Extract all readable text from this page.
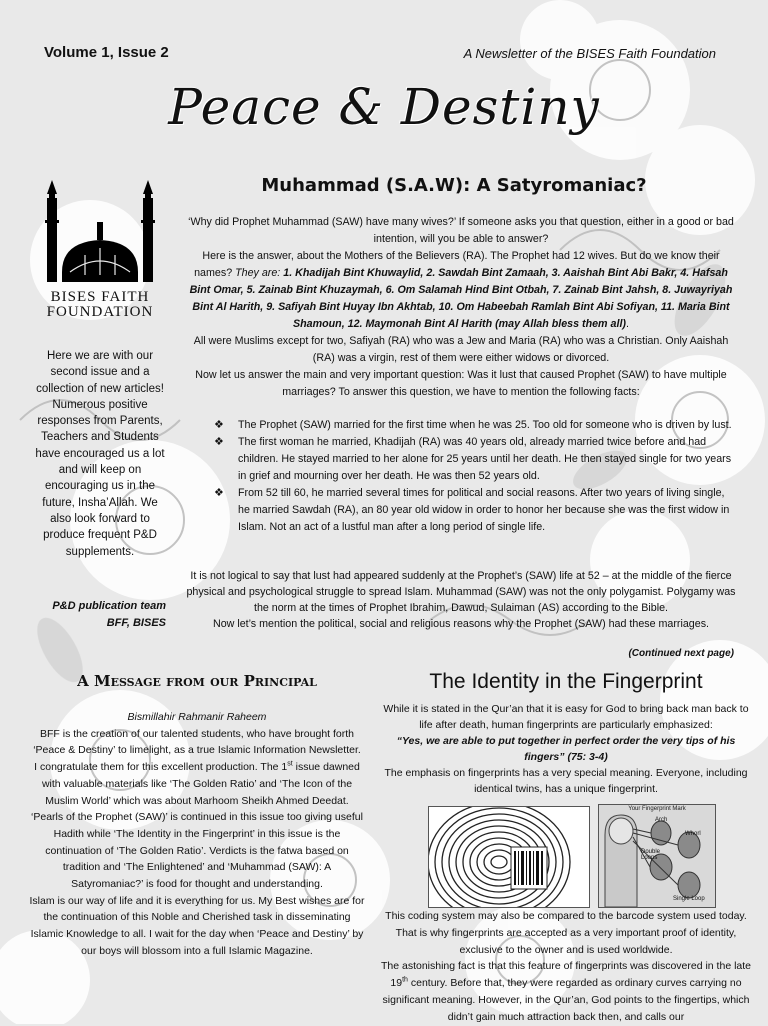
Volume 1, Issue 2	A Newsletter of the BISES Faith Foundation
Peace & Destiny
BISES FAITH
FOUNDATION
Here we are with our second issue and a collection of new articles! Numerous positive responses from Parents, Teachers and Students have encouraged us a lot and will keep on encouraging us in the future, Insha’Allah. We also look forward to produce frequent P&D supplements.
P&D publication team
BFF, BISES
Muhammad (S.A.W): A Satyromaniac?

‘Why did Prophet Muhammad (SAW) have many wives?’ If someone asks you that question, either in a good or bad intention, will you be able to answer?

Here is the answer, about the Mothers of the Believers (RA). The Prophet had 12 wives. But do we know their names? They are: 1. Khadijah Bint Khuwaylid, 2. Sawdah Bint Zamaah, 3. Aaishah Bint Abi Bakr, 4. Hafsah Bint Omar, 5. Zainab Bint Khuzaymah, 6. Om Salamah Hind Bint Otbah, 7. Zainab Bint Jahsh, 8. Juwayriyah Bint Al Harith, 9. Safiyah Bint Huyay Ibn Akhtab, 10. Om Habeebah Ramlah Bint Abi Sofiyan, 11. Maria Bint Shamoun, 12. Maymonah Bint Al Harith (may Allah bless them all).

All were Muslims except for two, Safiyah (RA) who was a Jew and Maria (RA) who was a Christian. Only Aaishah (RA) was a virgin, rest of them were either widows or divorced.

Now let us answer the main and very important question: Was it lust that caused Prophet (SAW) to have multiple marriages? To answer this question, we have to mention the following facts:

❖ The Prophet (SAW) married for the first time when he was 25. Too old for someone who is driven by lust.

❖ The first woman he married, Khadijah (RA) was 40 years old, already married twice before and had children. He stayed married to her alone for 25 years until her death. He then stayed single for two years in grief and mourning over her death. He was then 52 years old.

❖ From 52 till 60, he married several times for political and social reasons. After two years of living single, he married Sawdah (RA), an 80 year old widow in order to honor her because she was the first widow in Islam. Not an act of a lustful man after a long period of single life.

It is not logical to say that lust had appeared suddenly at the Prophet’s (SAW) life at 52 – at the middle of the fierce physical and psychological struggle to spread Islam. Muhammad (SAW) was not the only polygamist. Polygamy was the norm at the times of Prophet Ibrahim, Dawud, Sulaiman (AS) according to the Bible.

Now let’s mention the political, social and religious reasons why the Prophet (SAW) had these marriages.

(Continued next page)
A Message from our Principal

Bismillahir Rahmanir Raheem

BFF is the creation of our talented students, who have brought forth ‘Peace & Destiny’ to limelight, as a true Islamic Information Newsletter.

I congratulate them for this excellent production. The 1st issue dawned with valuable materials like ‘The Golden Ratio’ and ‘The Icon of the Muslim World’ which was about Marhoom Sheikh Ahmed Deedat. ‘Pearls of the Prophet (SAW)’ is continued in this issue too giving useful Hadith while ‘The Identity in the Fingerprint’ in this issue is the continuation of ‘The Golden Ratio’. Verdicts is the fatwa based on tradition and ‘The Enlightened’ and ‘Muhammad (SAW): A Satyromaniac?’ is food for thought and understanding.

Islam is our way of life and it is everything for us. My Best wishes are for the continuation of this Noble and Cherished task in disseminating Islamic Knowledge to all. I wait for the day when ‘Peace and Destiny’ by our boys will blossom into a full Islamic Magazine.

The Identity in the Fingerprint

While it is stated in the Qur’an that it is easy for God to bring back man back to life after death, human fingerprints are particularly emphasized:

“Yes, we are able to put together in perfect order the very tips of his fingers” (75: 3-4)

The emphasis on fingerprints has a very special meaning. Everyone, including identical twins, has a unique fingerprint.

Your Fingerprint Mark
Arch
Whorl
Double Loops
Single Loop

This coding system may also be compared to the barcode system used today. That is why fingerprints are accepted as a very important proof of identity, exclusive to the owner and is used worldwide.

The astonishing fact is that this feature of fingerprints was discovered in the late 19th century. Before that, they were regarded as ordinary curves carrying no significant meaning. However, in the Qur’an, God points to the fingertips, which didn’t gain much attraction back then, and calls our
